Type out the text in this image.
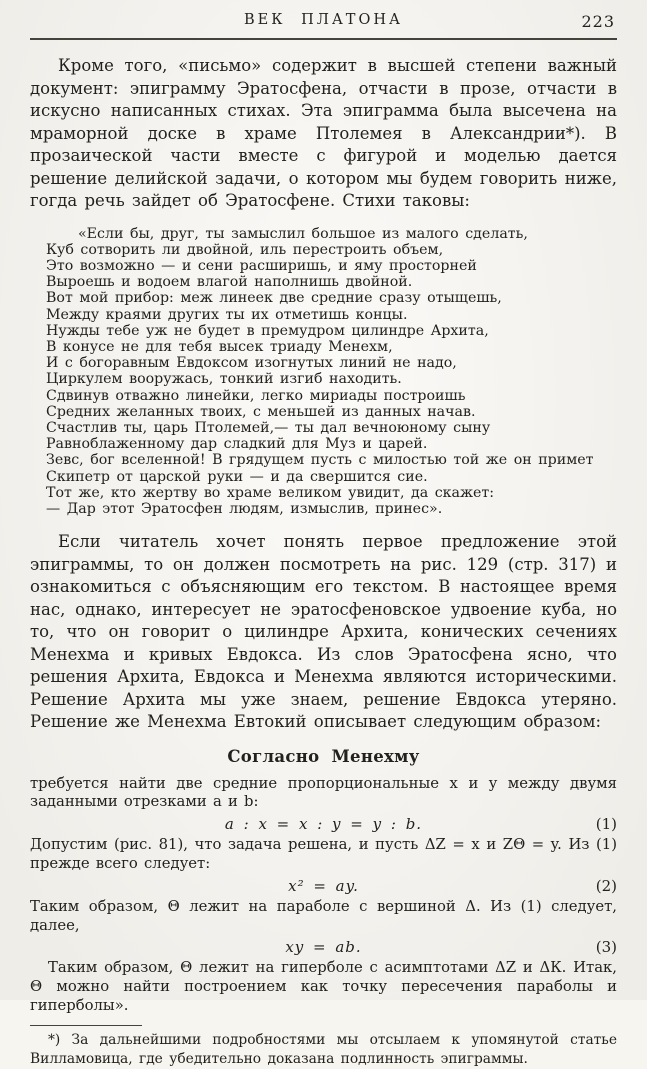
ВЕК ПЛАТОНА	223

Кроме того, «письмо» содержит в высшей степени важный документ: эпиграмму Эратосфена, отчасти в прозе, отчасти в искусно написанных стихах. Эта эпиграмма была высечена на мраморной доске в храме Птолемея в Александрии*). В прозаической части вместе с фигурой и моделью дается решение делийской задачи, о котором мы будем говорить ниже, гогда речь зайдет об Эратосфене. Стихи таковы:

«Если бы, друг, ты замыслил большое из малого сделать,
Куб сотворить ли двойной, иль перестроить объем,
Это возможно — и сени расширишь, и яму просторней
Выроешь и водоем влагой наполнишь двойной.
Вот мой прибор: меж линеек две средние сразу отыщешь,
Между краями других ты их отметишь концы.
Нужды тебе уж не будет в премудром цилиндре Архита,
В конусе не для тебя высек триаду Менехм,
И с богоравным Евдоксом изогнутых линий не надо,
Циркулем вооружась, тонкий изгиб находить.
Сдвинув отважно линейки, легко мириады построишь
Средних желанных твоих, с меньшей из данных начав.
Счастлив ты, царь Птолемей,— ты дал вечноюному сыну
Равноблаженному дар сладкий для Муз и царей.
Зевс, бог вселенной! В грядущем пусть с милостью той же он примет
Скипетр от царской руки — и да свершится сие.
Тот же, кто жертву во храме великом увидит, да скажет:
— Дар этот Эратосфен людям, измыслив, принес».

Если читатель хочет понять первое предложение этой эпиграммы, то он должен посмотреть на рис. 129 (стр. 317) и ознакомиться с объясняющим его текстом. В настоящее время нас, однако, интересует не эратосфеновское удвоение куба, но то, что он говорит о цилиндре Архита, конических сечениях Менехма и кривых Евдокса. Из слов Эратосфена ясно, что решения Архита, Евдокса и Менехма являются историческими. Решение Архита мы уже знаем, решение Евдокса утеряно. Решение же Менехма Евтокий описывает следующим образом:

Согласно Менехму

требуется найти две средние пропорциональные x и y между двумя заданными отрезками a и b:

a : x = x : y = y : b.	(1)

Допустим (рис. 81), что задача решена, и пусть ΔZ = x и ZΘ = y. Из (1) прежде всего следует:

x² = ay.	(2)

Таким образом, Θ лежит на параболе с вершиной Δ. Из (1) следует, далее,

xy = ab.	(3)

Таким образом, Θ лежит на гиперболе с асимптотами ΔZ и ΔК. Итак, Θ можно найти построением как точку пересечения параболы и гиперболы».

*) За дальнейшими подробностями мы отсылаем к упомянутой статье Вилламовица, где убедительно доказана подлинность эпиграммы.
